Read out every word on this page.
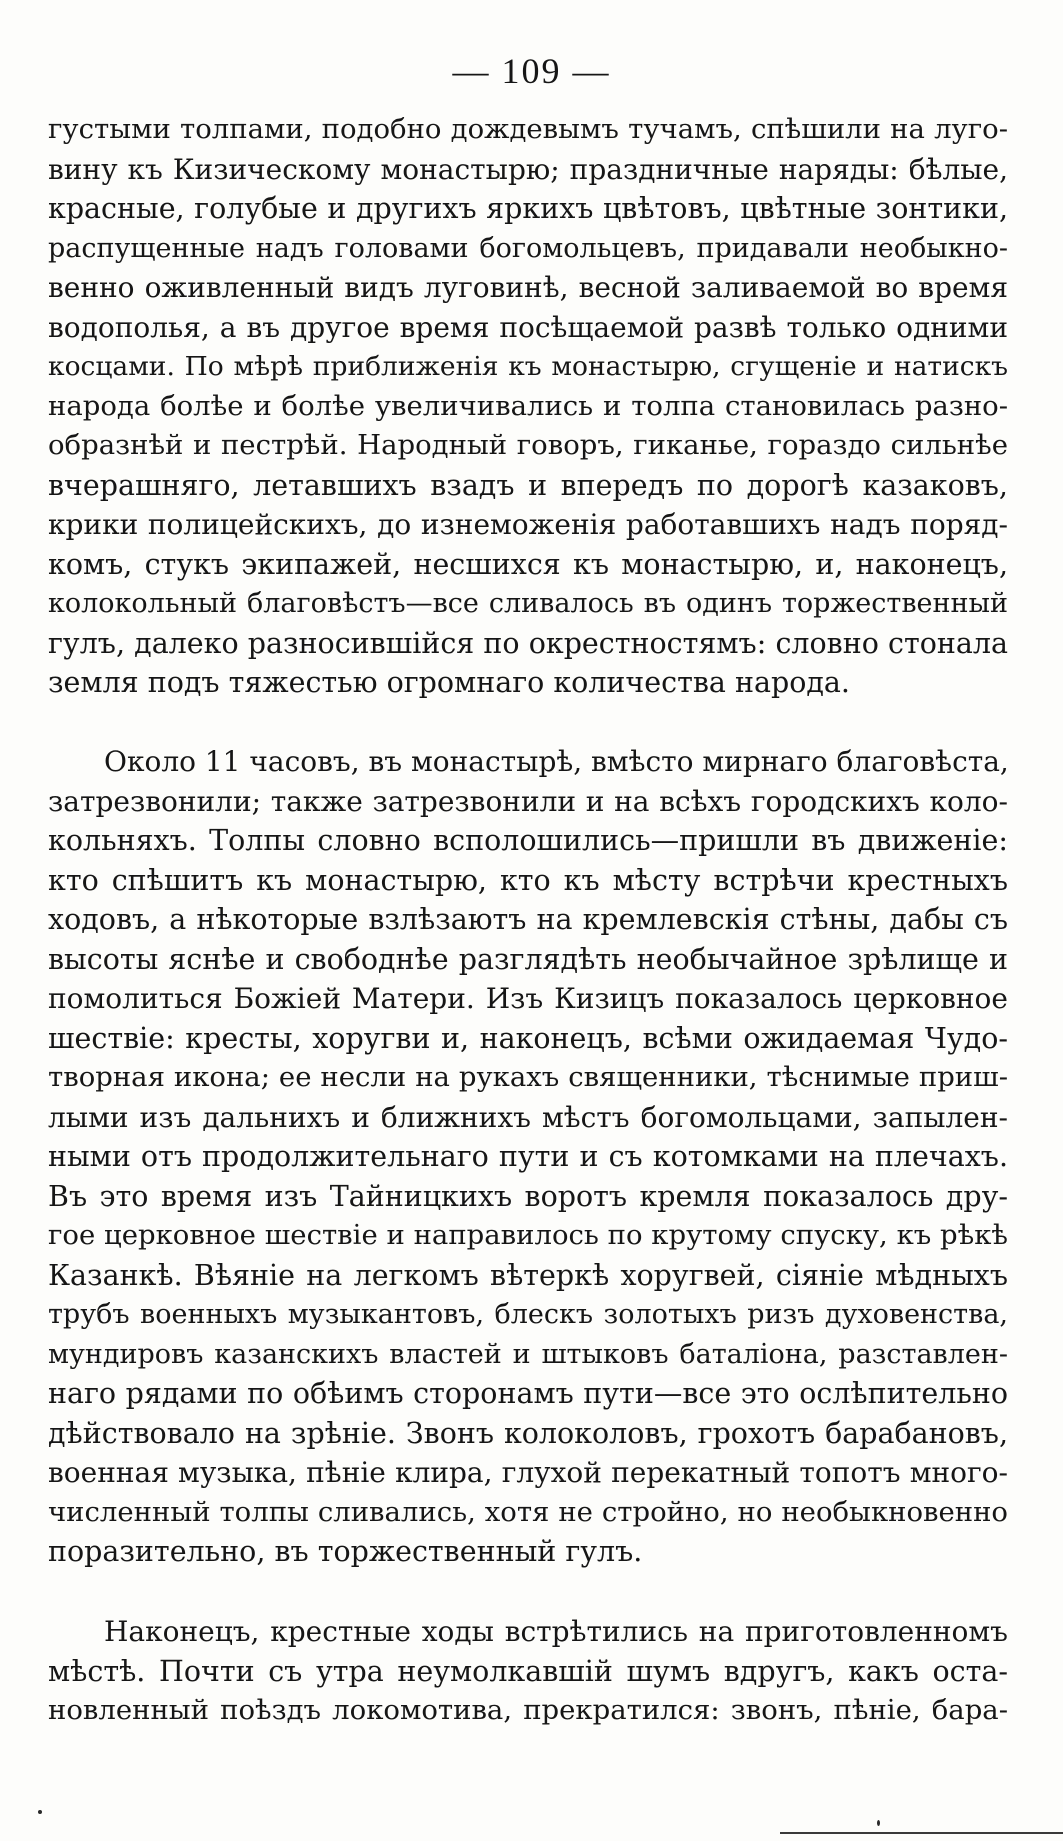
— 109 —
густыми толпами, подобно дождевымъ тучамъ, спѣшили на луго-
вину къ Кизическому монастырю; праздничные наряды: бѣлые,
красные, голубые и другихъ яркихъ цвѣтовъ, цвѣтные зонтики,
распущенные надъ головами богомольцевъ, придавали необыкно-
венно оживленный видъ луговинѣ, весной заливаемой во время
водополья, а въ другое время посѣщаемой развѣ только одними
косцами. По мѣрѣ приближенія къ монастырю, сгущеніе и натискъ
народа болѣе и болѣе увеличивались и толпа становилась разно-
образнѣй и пестрѣй. Народный говоръ, гиканье, гораздо сильнѣе
вчерашняго, летавшихъ взадъ и впередъ по дорогѣ казаковъ,
крики полицейскихъ, до изнеможенія работавшихъ надъ поряд-
комъ, стукъ экипажей, несшихся къ монастырю, и, наконецъ,
колокольный благовѣстъ—все сливалось въ одинъ торжественный
гулъ, далеко разносившійся по окрестностямъ: словно стонала
земля подъ тяжестью огромнаго количества народа.
Около 11 часовъ, въ монастырѣ, вмѣсто мирнаго благовѣста,
затрезвонили; также затрезвонили и на всѣхъ городскихъ коло-
кольняхъ. Толпы словно всполошились—пришли въ движеніе:
кто спѣшитъ къ монастырю, кто къ мѣсту встрѣчи крестныхъ
ходовъ, а нѣкоторые взлѣзаютъ на кремлевскія стѣны, дабы съ
высоты яснѣе и свободнѣе разглядѣть необычайное зрѣлище и
помолиться Божіей Матери. Изъ Кизицъ показалось церковное
шествіе: кресты, хоругви и, наконецъ, всѣми ожидаемая Чудо-
творная икона; ее несли на рукахъ священники, тѣснимые приш-
лыми изъ дальнихъ и ближнихъ мѣстъ богомольцами, запылен-
ными отъ продолжительнаго пути и съ котомками на плечахъ.
Въ это время изъ Тайницкихъ воротъ кремля показалось дру-
гое церковное шествіе и направилось по крутому спуску, къ рѣкѣ
Казанкѣ. Вѣяніе на легкомъ вѣтеркѣ хоругвей, сіяніе мѣдныхъ
трубъ военныхъ музыкантовъ, блескъ золотыхъ ризъ духовенства,
мундировъ казанскихъ властей и штыковъ баталіона, разставлен-
наго рядами по обѣимъ сторонамъ пути—все это ослѣпительно
дѣйствовало на зрѣніе. Звонъ колоколовъ, грохотъ барабановъ,
военная музыка, пѣніе клира, глухой перекатный топотъ много-
численный толпы сливались, хотя не стройно, но необыкновенно
поразительно, въ торжественный гулъ.
Наконецъ, крестные ходы встрѣтились на приготовленномъ
мѣстѣ. Почти съ утра неумолкавшій шумъ вдругъ, какъ оста-
новленный поѣздъ локомотива, прекратился: звонъ, пѣніе, бара-
